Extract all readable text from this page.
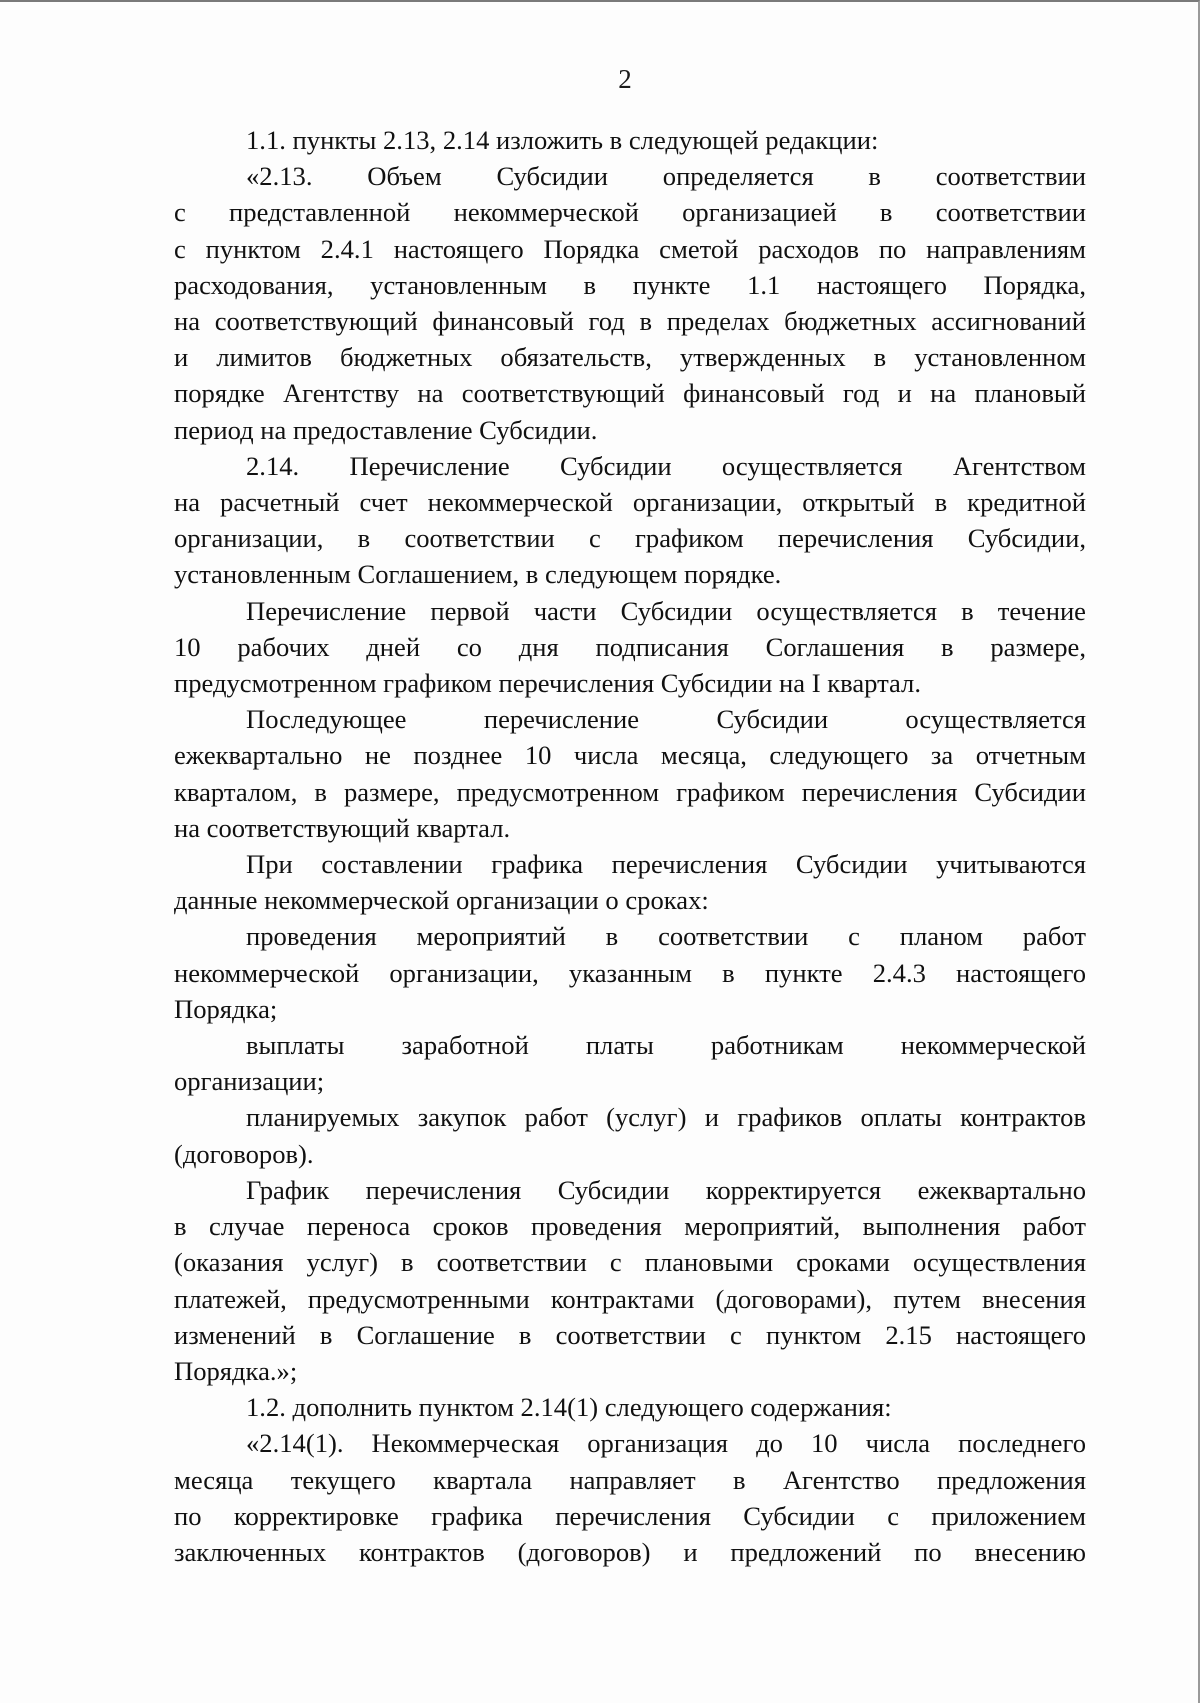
2
1.1. пункты 2.13, 2.14 изложить в следующей редакции:
«2.13. Объем Субсидии определяется в соответствии
с представленной некоммерческой организацией в соответствии
с пунктом 2.4.1 настоящего Порядка сметой расходов по направлениям
расходования, установленным в пункте 1.1 настоящего Порядка,
на соответствующий финансовый год в пределах бюджетных ассигнований
и лимитов бюджетных обязательств, утвержденных в установленном
порядке Агентству на соответствующий финансовый год и на плановый
период на предоставление Субсидии.
2.14. Перечисление Субсидии осуществляется Агентством
на расчетный счет некоммерческой организации, открытый в кредитной
организации, в соответствии с графиком перечисления Субсидии,
установленным Соглашением, в следующем порядке.
Перечисление первой части Субсидии осуществляется в течение
10 рабочих дней со дня подписания Соглашения в размере,
предусмотренном графиком перечисления Субсидии на I квартал.
Последующее перечисление Субсидии осуществляется
ежеквартально не позднее 10 числа месяца, следующего за отчетным
кварталом, в размере, предусмотренном графиком перечисления Субсидии
на соответствующий квартал.
При составлении графика перечисления Субсидии учитываются
данные некоммерческой организации о сроках:
проведения мероприятий в соответствии с планом работ
некоммерческой организации, указанным в пункте 2.4.3 настоящего
Порядка;
выплаты заработной платы работникам некоммерческой
организации;
планируемых закупок работ (услуг) и графиков оплаты контрактов
(договоров).
График перечисления Субсидии корректируется ежеквартально
в случае переноса сроков проведения мероприятий, выполнения работ
(оказания услуг) в соответствии с плановыми сроками осуществления
платежей, предусмотренными контрактами (договорами), путем внесения
изменений в Соглашение в соответствии с пунктом 2.15 настоящего
Порядка.»;
1.2. дополнить пунктом 2.14(1) следующего содержания:
«2.14(1). Некоммерческая организация до 10 числа последнего
месяца текущего квартала направляет в Агентство предложения
по корректировке графика перечисления Субсидии с приложением
заключенных контрактов (договоров) и предложений по внесению
